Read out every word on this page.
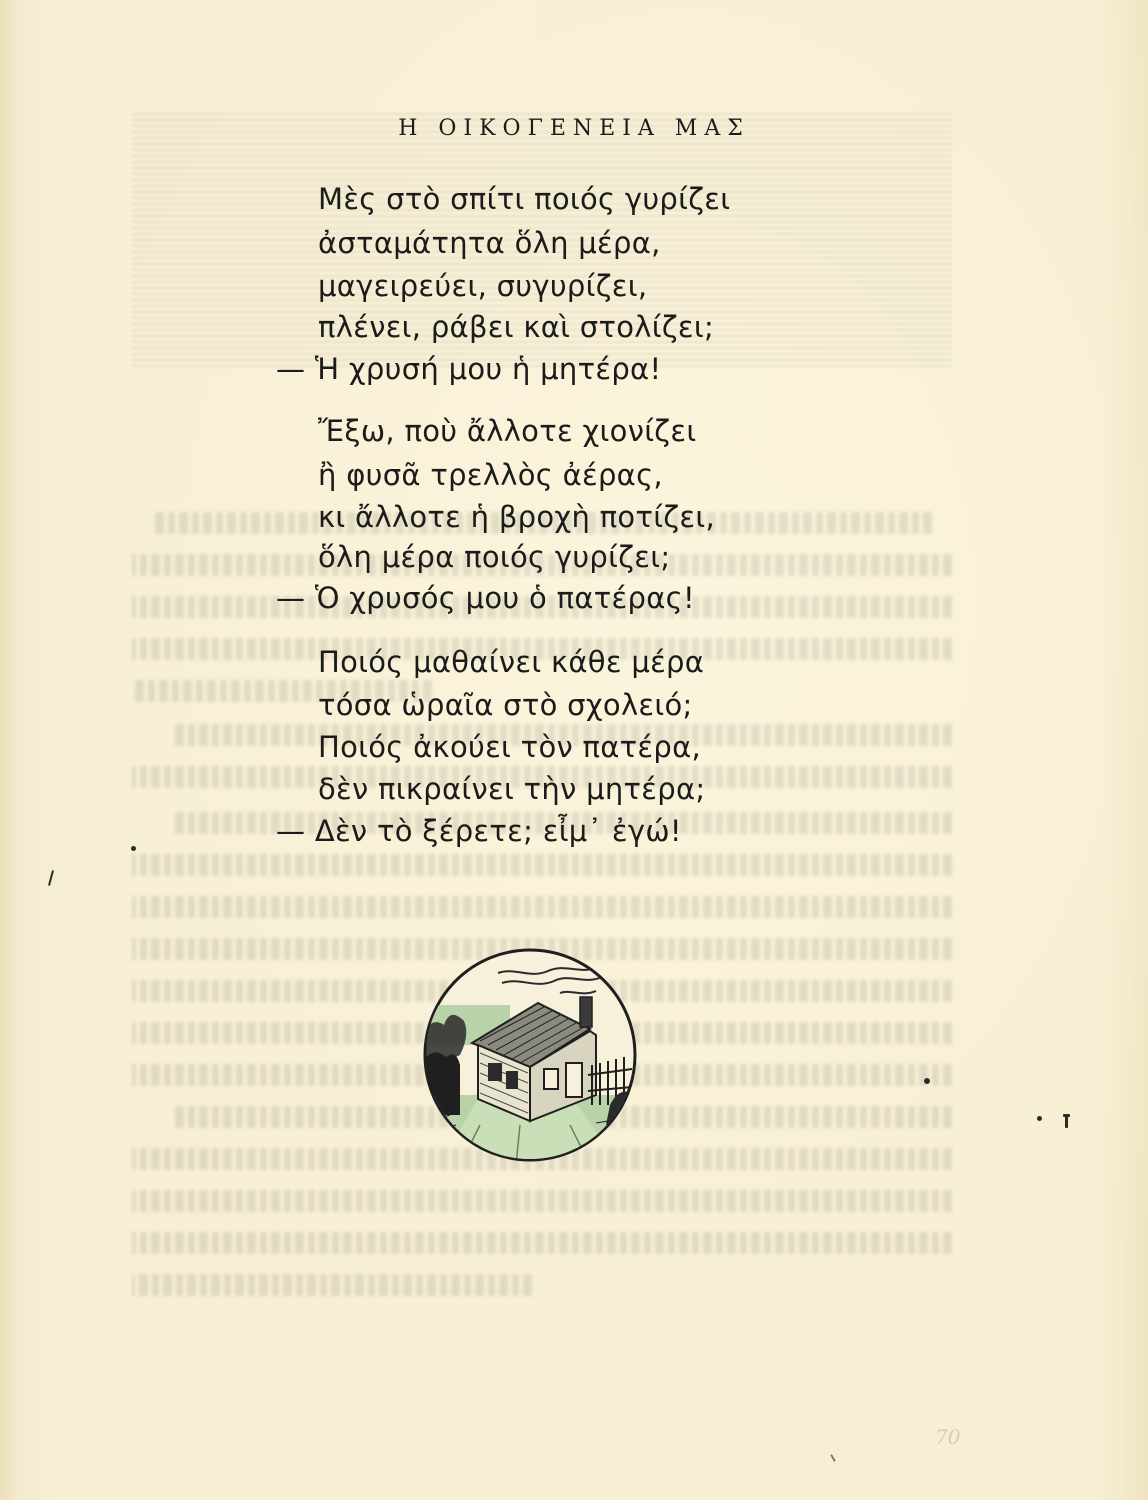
Η ΟΙΚΟΓΕΝΕΙΑ ΜΑΣ
Μὲς στὸ σπίτι ποιός γυρίζει
ἀσταμάτητα ὅλη μέρα,
μαγειρεύει, συγυρίζει,
πλένει, ράβει καὶ στολίζει;
— Ἡ χρυσή μου ἡ μητέρα!
Ἔξω, ποὺ ἄλλοτε χιονίζει
ἢ φυσᾶ τρελλὸς ἀέρας,
κι ἄλλοτε ἡ βροχὴ ποτίζει,
ὅλη μέρα ποιός γυρίζει;
— Ὁ χρυσός μου ὁ πατέρας!
Ποιός μαθαίνει κάθε μέρα
τόσα ὡραῖα στὸ σχολειό;
Ποιός ἀκούει τὸν πατέρα,
δὲν πικραίνει τὴν μητέρα;
— Δὲν τὸ ξέρετε; εἶμ᾽ ἐγώ!
70
